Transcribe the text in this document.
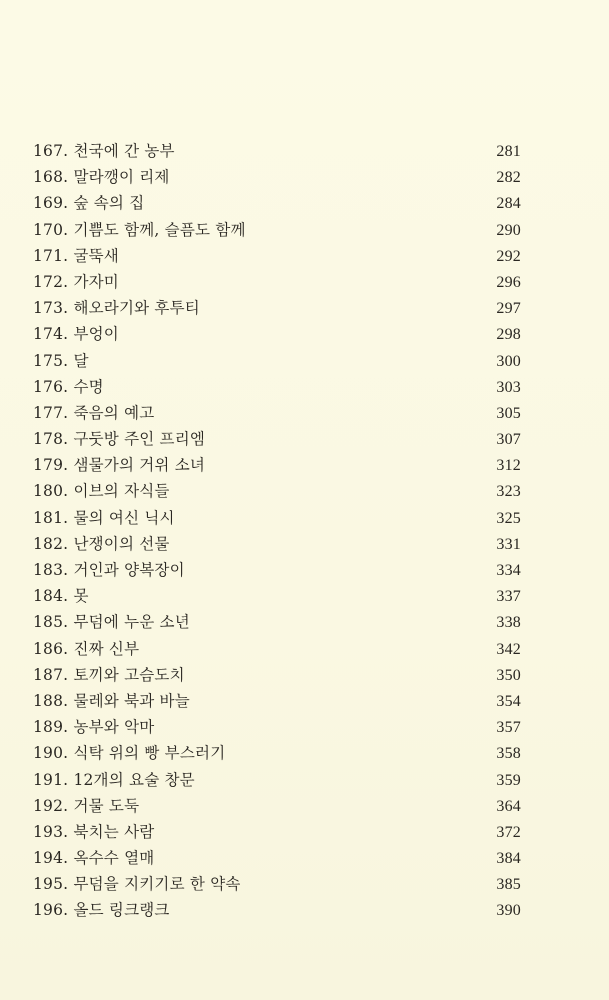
167. 천국에 간 농부	281
168. 말라깽이 리제	282
169. 숲 속의 집	284
170. 기쁨도 함께, 슬픔도 함께	290
171. 굴뚝새	292
172. 가자미	296
173. 해오라기와 후투티	297
174. 부엉이	298
175. 달	300
176. 수명	303
177. 죽음의 예고	305
178. 구둣방 주인 프리엠	307
179. 샘물가의 거위 소녀	312
180. 이브의 자식들	323
181. 물의 여신 닉시	325
182. 난쟁이의 선물	331
183. 거인과 양복장이	334
184. 못	337
185. 무덤에 누운 소년	338
186. 진짜 신부	342
187. 토끼와 고슴도치	350
188. 물레와 북과 바늘	354
189. 농부와 악마	357
190. 식탁 위의 빵 부스러기	358
191. 12개의 요술 창문	359
192. 거물 도둑	364
193. 북치는 사람	372
194. 옥수수 열매	384
195. 무덤을 지키기로 한 약속	385
196. 올드 링크랭크	390
